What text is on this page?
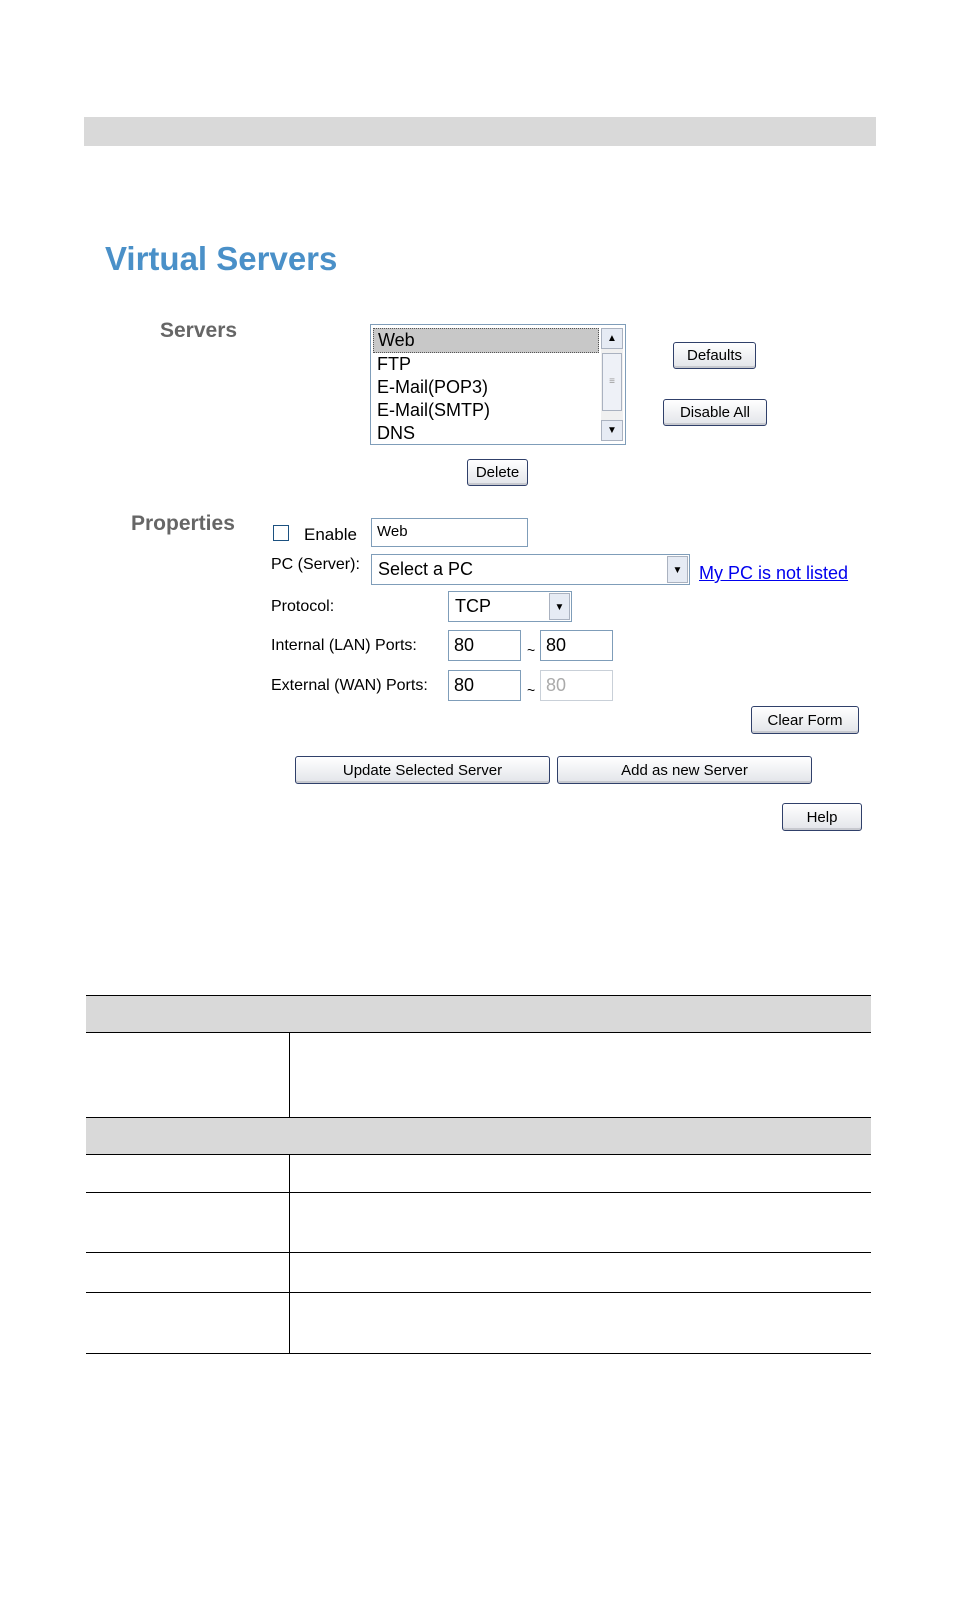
Virtual Servers
Servers	Web
FTP
E-Mail(POP3)
E-Mail(SMTP)
DNS
▲
≡
▼
Defaults
Disable All
Delete
Properties	Enable	Web
PC (Server):	Select a PC	▼ My PC is not listed
Protocol:	TCP	▼
Internal (LAN) Ports:	80	~ 80
External (WAN) Ports:	80	~ 80
Clear Form
Update Selected Server	Add as new Server
Help
